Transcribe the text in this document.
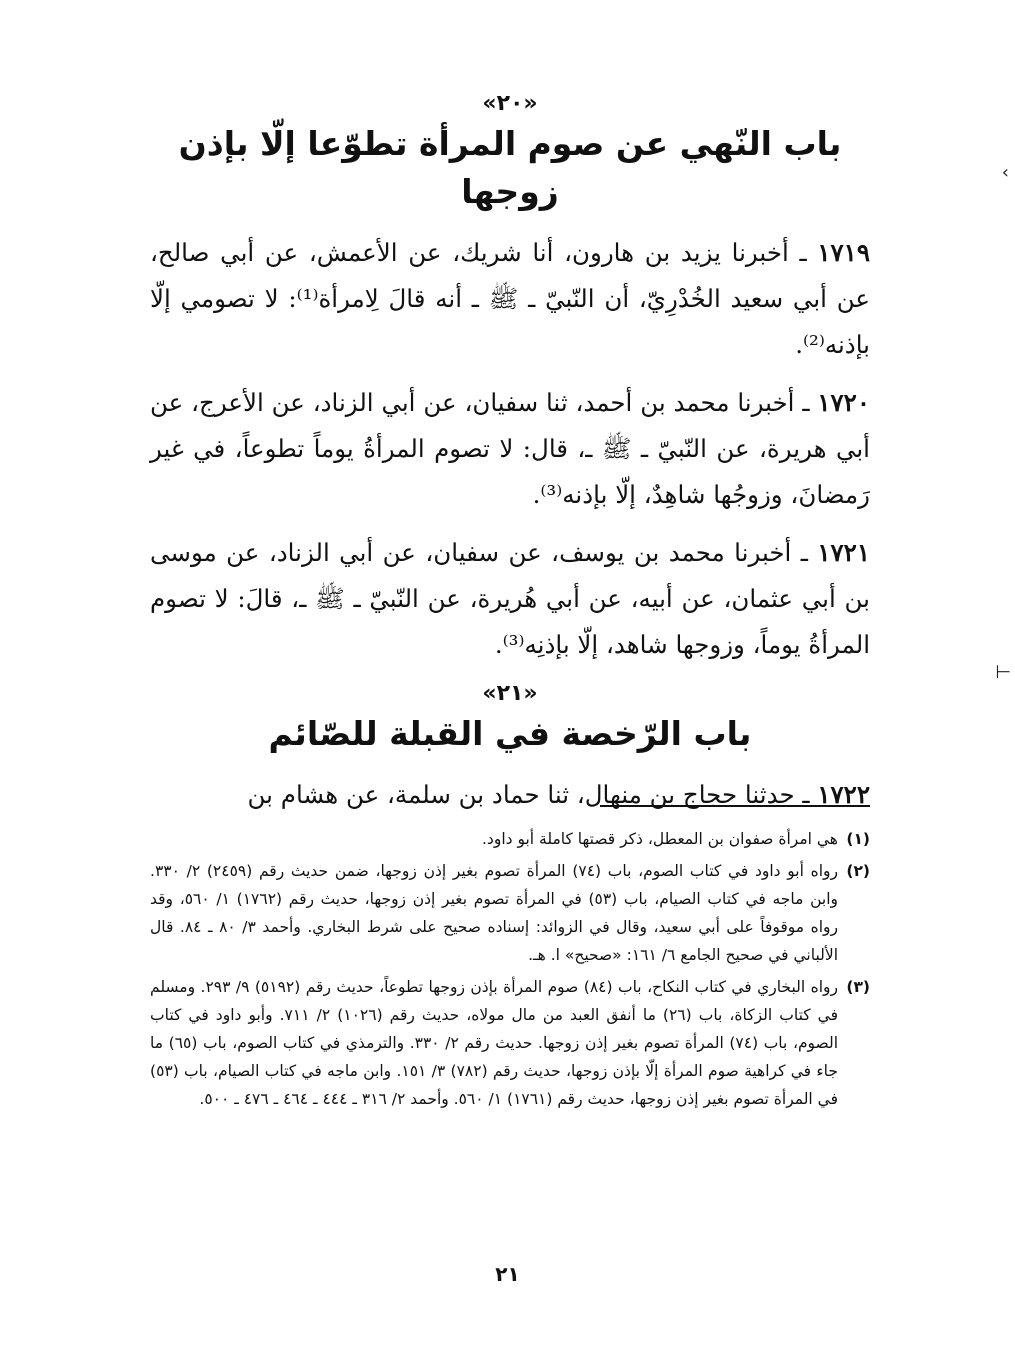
«٢٠»

باب النّهي عن صوم المرأة تطوّعا إلّا بإذن زوجها

١٧١٩ ـ أخبرنا يزيد بن هارون، أنا شريك، عن الأعمش، عن أبي صالح، عن أبي سعيد الخُدْرِيّ، أن النّبيّ ـ ﷺ ـ أنه قالَ لِامرأة⁽¹⁾: لا تصومي إلّا بإذنه⁽²⁾.

١٧٢٠ ـ أخبرنا محمد بن أحمد، ثنا سفيان، عن أبي الزناد، عن الأعرج، عن أبي هريرة، عن النّبيّ ـ ﷺ ـ، قال: لا تصوم المرأةُ يوماً تطوعاً، في غير رَمضانَ، وزوجُها شاهِدٌ، إلّا بإذنه⁽³⁾.

١٧٢١ ـ أخبرنا محمد بن يوسف، عن سفيان، عن أبي الزناد، عن موسى بن أبي عثمان، عن أبيه، عن أبي هُريرة، عن النّبيّ ـ ﷺ ـ، قالَ: لا تصوم المرأةُ يوماً، وزوجها شاهد، إلّا بإذنِه⁽³⁾.

«٢١»

باب الرّخصة في القبلة للصّائم

١٧٢٢ ـ حدثنا حجاج بن منهال، ثنا حماد بن سلمة، عن هشام بن

(١)
هي امرأة صفوان بن المعطل، ذكر قصتها كاملة أبو داود.
(٢)
رواه أبو داود في كتاب الصوم، باب (٧٤) المرأة تصوم بغير إذن زوجها، ضمن حديث رقم (٢٤٥٩) ٢/ ٣٣٠. وابن ماجه في كتاب الصيام، باب (٥٣) في المرأة تصوم بغير إذن زوجها، حديث رقم (١٧٦٢) ١/ ٥٦٠، وقد رواه موقوفاً على أبي سعيد، وقال في الزوائد: إسناده صحيح على شرط البخاري. وأحمد ٣/ ٨٠ ـ ٨٤. قال الألباني في صحيح الجامع ٦/ ١٦١: «صحيح» ا. هـ.
(٣)
رواه البخاري في كتاب النكاح، باب (٨٤) صوم المرأة بإذن زوجها تطوعاً، حديث رقم (٥١٩٢) ٩/ ٢٩٣. ومسلم في كتاب الزكاة، باب (٢٦) ما أنفق العبد من مال مولاه، حديث رقم (١٠٢٦) ٢/ ٧١١. وأبو داود في كتاب الصوم، باب (٧٤) المرأة تصوم بغير إذن زوجها. حديث رقم ٢/ ٣٣٠. والترمذي في كتاب الصوم، باب (٦٥) ما جاء في كراهية صوم المرأة إلّا بإذن زوجها، حديث رقم (٧٨٢) ٣/ ١٥١. وابن ماجه في كتاب الصيام، باب (٥٣) في المرأة تصوم بغير إذن زوجها، حديث رقم (١٧٦١) ١/ ٥٦٠. وأحمد ٢/ ٣١٦ ـ ٤٤٤ ـ ٤٦٤ ـ ٤٧٦ ـ ٥٠٠.
٢١
›
⊣
